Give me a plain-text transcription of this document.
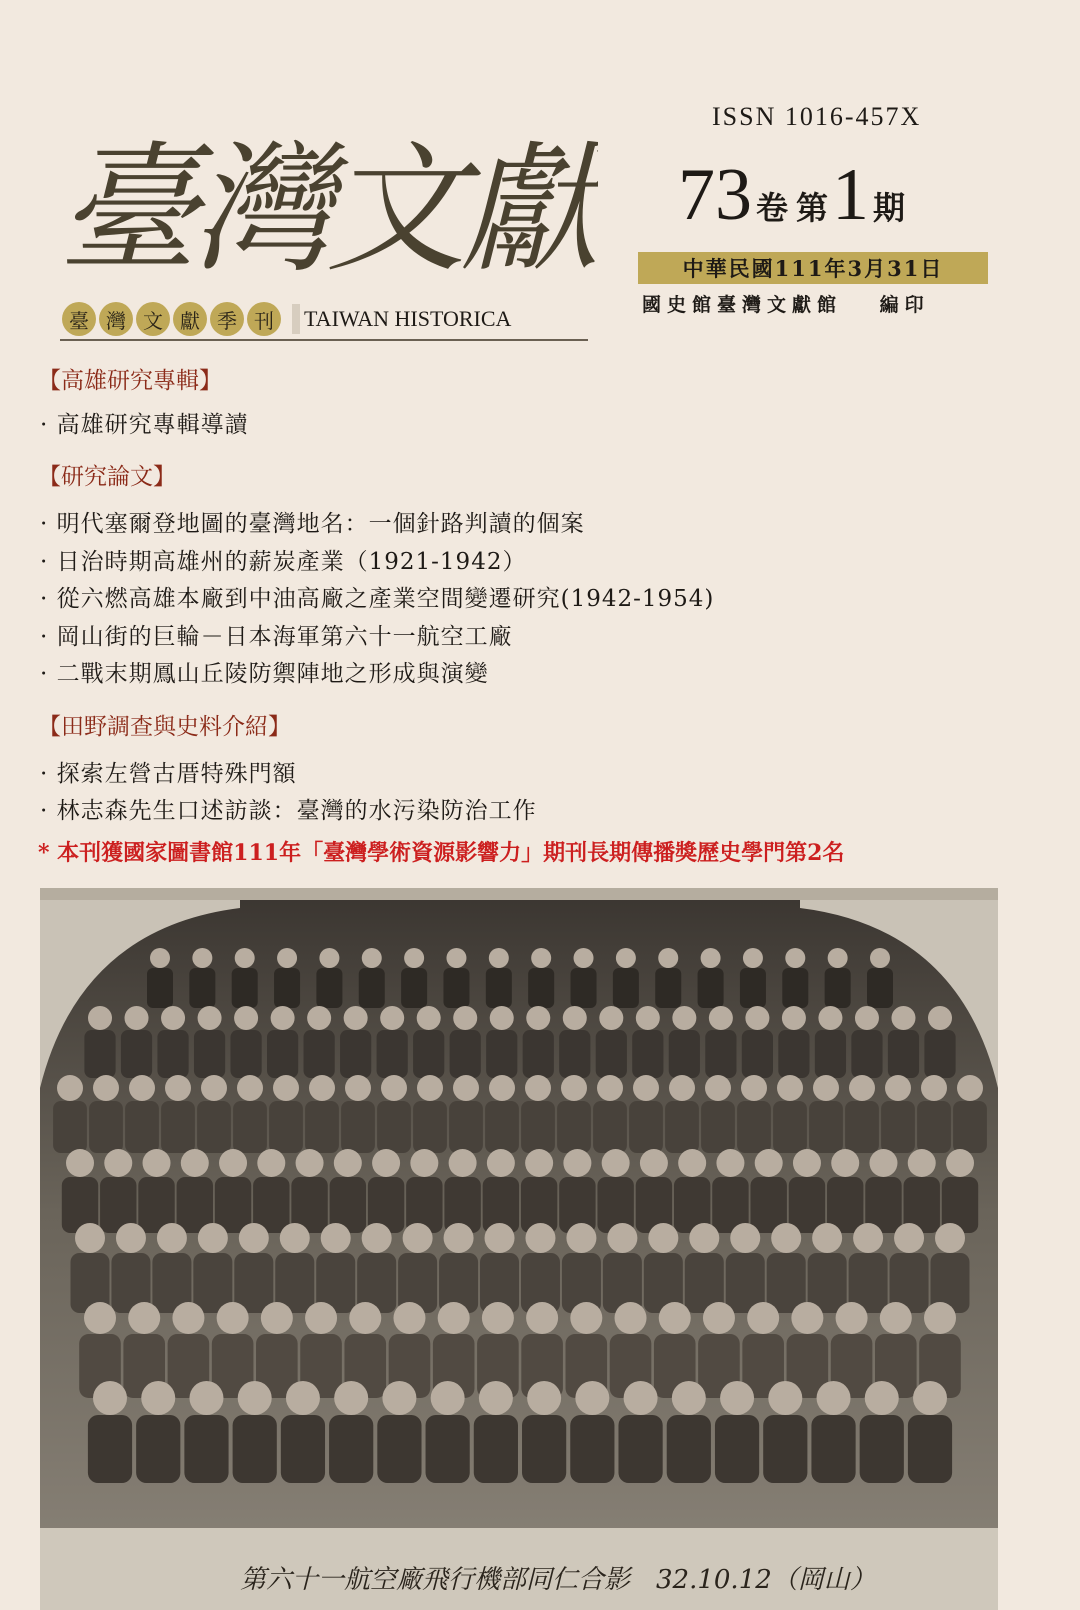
ISSN 1016-457X
臺灣文獻
臺 灣 文 獻 季 刊	TAIWAN HISTORICA
73 卷 第 1 期
中華民國111年3月31日
國史館臺灣文獻館　 編印
【高雄研究專輯】
· 高雄研究專輯導讀
【研究論文】
· 明代塞爾登地圖的臺灣地名：一個針路判讀的個案
· 日治時期高雄州的薪炭產業（1921-1942）
· 從六燃高雄本廠到中油高廠之產業空間變遷研究(1942-1954)
· 岡山街的巨輪－日本海軍第六十一航空工廠
· 二戰末期鳳山丘陵防禦陣地之形成與演變
【田野調查與史料介紹】
· 探索左營古厝特殊門額
· 林志森先生口述訪談：臺灣的水污染防治工作
* 本刊獲國家圖書館111年「臺灣學術資源影響力」期刊長期傳播獎歷史學門第2名
第六十一航空廠飛行機部同仁合影　32.10.12（岡山）
